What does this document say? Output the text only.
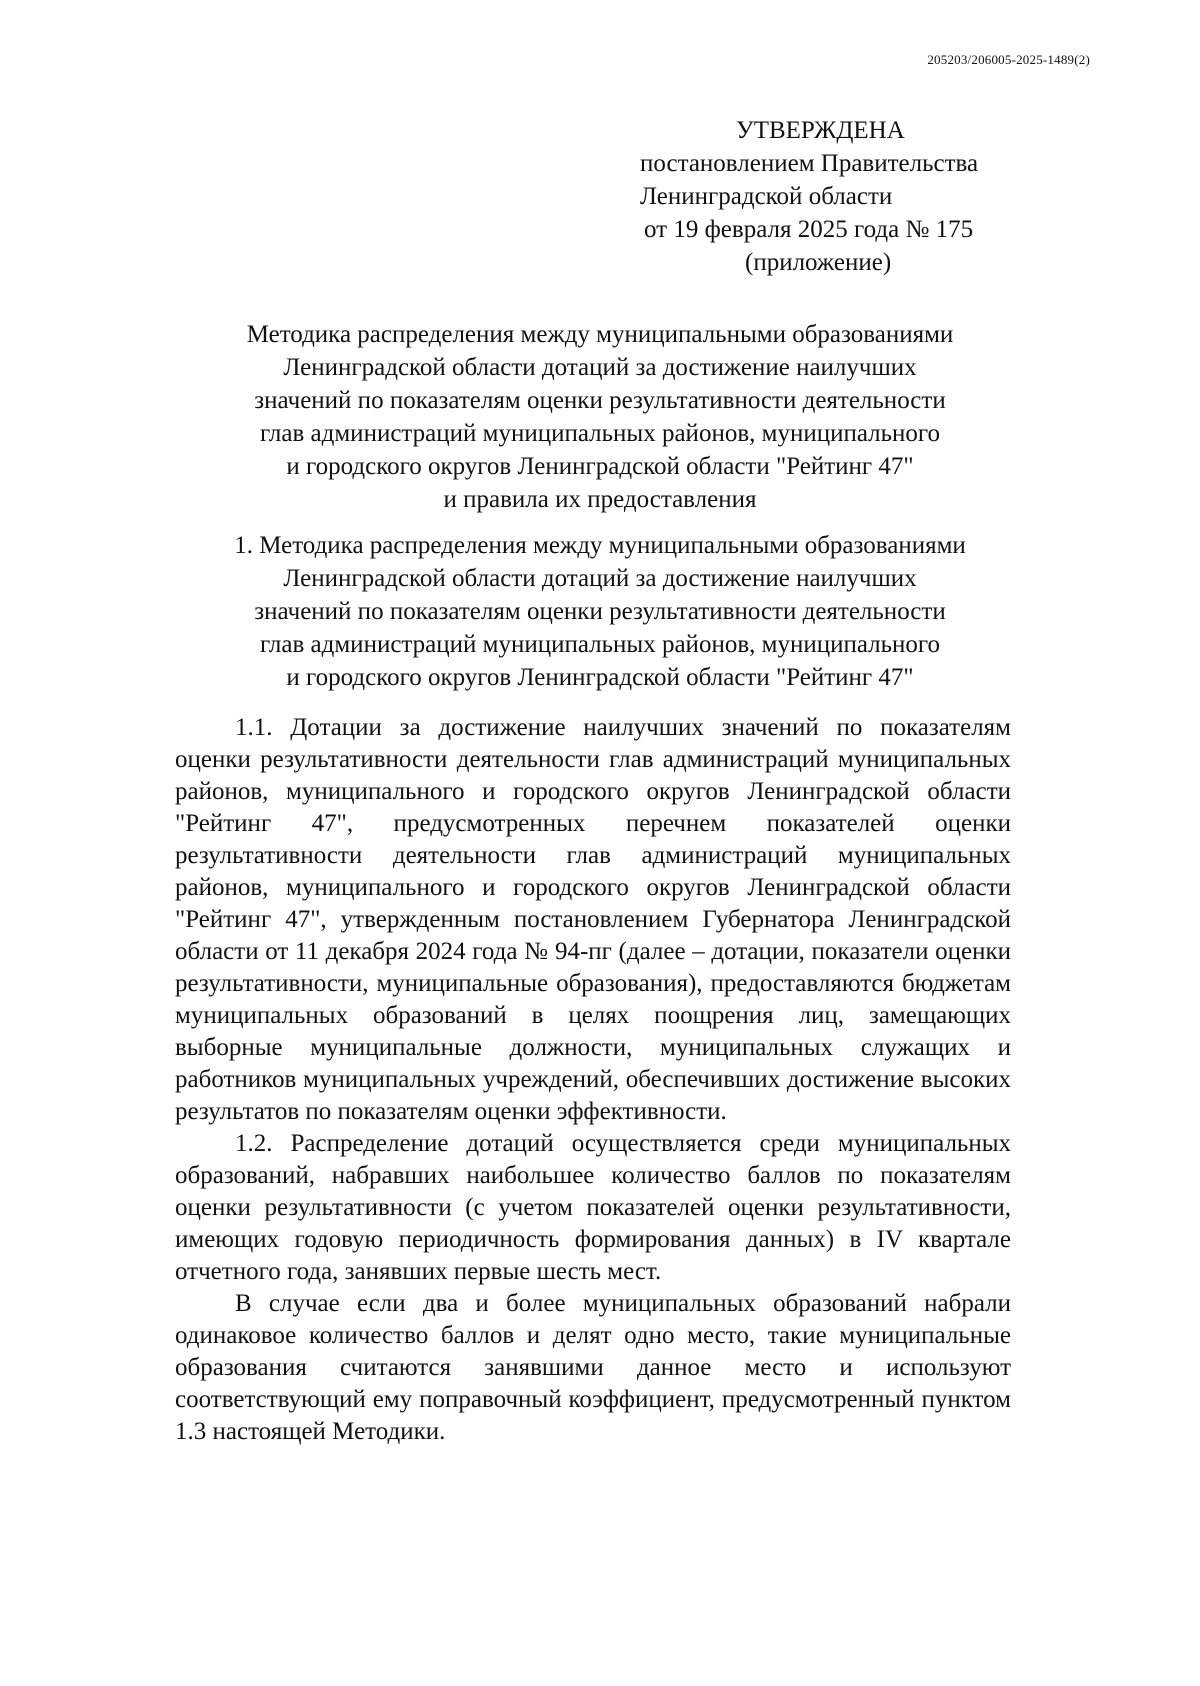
205203/206005-2025-1489(2)
УТВЕРЖДЕНА
постановлением Правительства
Ленинградской области
от 19 февраля 2025 года № 175
(приложение)
Методика распределения между муниципальными образованиями
Ленинградской области дотаций за достижение наилучших
значений по показателям оценки результативности деятельности
глав администраций муниципальных районов, муниципального
и городского округов Ленинградской области "Рейтинг 47"
и правила их предоставления
1. Методика распределения между муниципальными образованиями
Ленинградской области дотаций за достижение наилучших
значений по показателям оценки результативности деятельности
глав администраций муниципальных районов, муниципального
и городского округов Ленинградской области "Рейтинг 47"

1.1. Дотации за достижение наилучших значений по показателям оценки результативности деятельности глав администраций муниципальных районов, муниципального и городского округов Ленинградской области "Рейтинг 47", предусмотренных перечнем показателей оценки результативности деятельности глав администраций муниципальных районов, муниципального и городского округов Ленинградской области "Рейтинг 47", утвержденным постановлением Губернатора Ленинградской области от 11 декабря 2024 года № 94-пг (далее – дотации, показатели оценки результативности, муниципальные образования), предоставляются бюджетам муниципальных образований в целях поощрения лиц, замещающих выборные муниципальные должности, муниципальных служащих и работников муниципальных учреждений, обеспечивших достижение высоких результатов по показателям оценки эффективности.

1.2. Распределение дотаций осуществляется среди муниципальных образований, набравших наибольшее количество баллов по показателям оценки результативности (с учетом показателей оценки результативности, имеющих годовую периодичность формирования данных) в IV квартале отчетного года, занявших первые шесть мест.

В случае если два и более муниципальных образований набрали одинаковое количество баллов и делят одно место, такие муниципальные образования считаются занявшими данное место и используют соответствующий ему поправочный коэффициент, предусмотренный пунктом 1.3 настоящей Методики.
